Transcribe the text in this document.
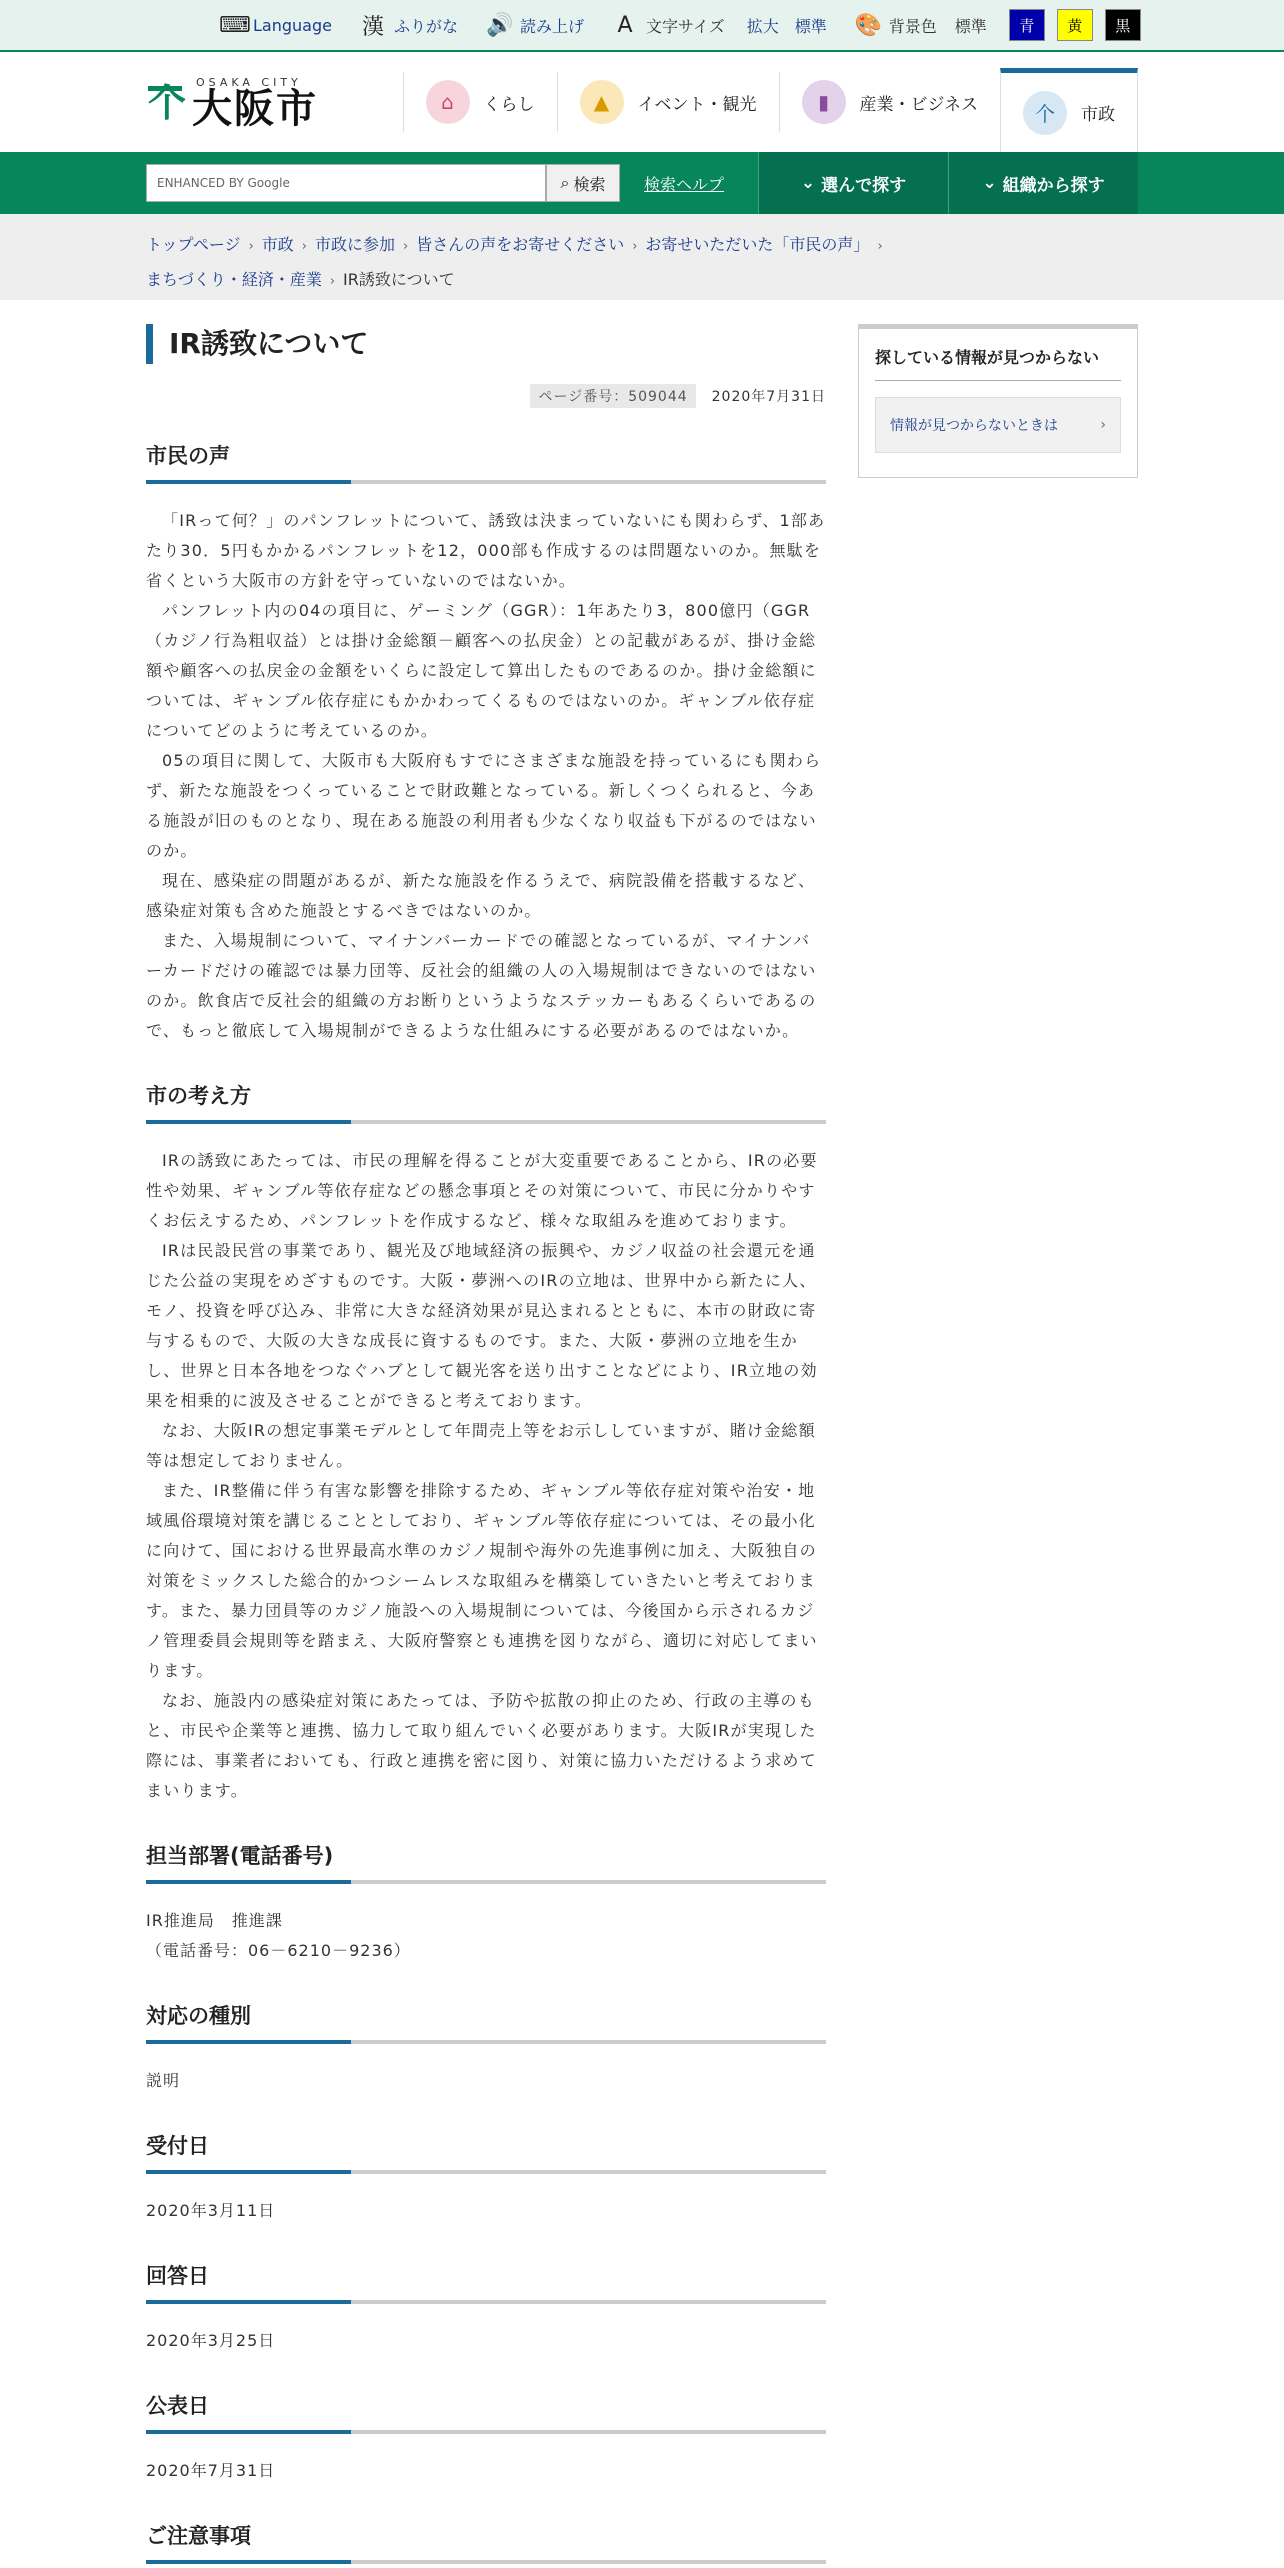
⌨ Language 漢 ふりがな 🔊 読み上げ A 文字サイズ 拡大 標準 🎨 背景色 標準	青	黄	黒
个
OSAKA CITY
大阪市	⌂	くらし	▲	イベント・観光	▮	産業・ビジネス	个	市政
ENHANCED BY Google	⌕ 検索 検索ヘルプ	⌄ 選んで探す	⌄ 組織から探す
トップページ › 市政 › 市政に参加 › 皆さんの声をお寄せください › お寄せいただいた「市民の声」 ›
まちづくり・経済・産業 › IR誘致について
IR誘致について
ページ番号：509044	2020年7月31日
市民の声

「IRって何？」のパンフレットについて、誘致は決まっていないにも関わらず、1部あたり30．5円もかかるパンフレットを12，000部も作成するのは問題ないのか。無駄を省くという大阪市の方針を守っていないのではないか。

パンフレット内の04の項目に、ゲーミング（GGR）：1年あたり3，800億円（GGR（カジノ行為粗収益）とは掛け金総額－顧客への払戻金）との記載があるが、掛け金総額や顧客への払戻金の金額をいくらに設定して算出したものであるのか。掛け金総額については、ギャンブル依存症にもかかわってくるものではないのか。ギャンブル依存症についてどのように考えているのか。

05の項目に関して、大阪市も大阪府もすでにさまざまな施設を持っているにも関わらず、新たな施設をつくっていることで財政難となっている。新しくつくられると、今ある施設が旧のものとなり、現在ある施設の利用者も少なくなり収益も下がるのではないのか。

現在、感染症の問題があるが、新たな施設を作るうえで、病院設備を搭載するなど、感染症対策も含めた施設とするべきではないのか。

また、入場規制について、マイナンバーカードでの確認となっているが、マイナンバーカードだけの確認では暴力団等、反社会的組織の人の入場規制はできないのではないのか。飲食店で反社会的組織の方お断りというようなステッカーもあるくらいであるので、もっと徹底して入場規制ができるような仕組みにする必要があるのではないか。

市の考え方

IRの誘致にあたっては、市民の理解を得ることが大変重要であることから、IRの必要性や効果、ギャンブル等依存症などの懸念事項とその対策について、市民に分かりやすくお伝えするため、パンフレットを作成するなど、様々な取組みを進めております。

IRは民設民営の事業であり、観光及び地域経済の振興や、カジノ収益の社会還元を通じた公益の実現をめざすものです。大阪・夢洲へのIRの立地は、世界中から新たに人、モノ、投資を呼び込み、非常に大きな経済効果が見込まれるとともに、本市の財政に寄与するもので、大阪の大きな成長に資するものです。また、大阪・夢洲の立地を生かし、世界と日本各地をつなぐハブとして観光客を送り出すことなどにより、IR立地の効果を相乗的に波及させることができると考えております。

なお、大阪IRの想定事業モデルとして年間売上等をお示ししていますが、賭け金総額等は想定しておりません。

また、IR整備に伴う有害な影響を排除するため、ギャンブル等依存症対策や治安・地域風俗環境対策を講じることとしており、ギャンブル等依存症については、その最小化に向けて、国における世界最高水準のカジノ規制や海外の先進事例に加え、大阪独自の対策をミックスした総合的かつシームレスな取組みを構築していきたいと考えております。また、暴力団員等のカジノ施設への入場規制については、今後国から示されるカジノ管理委員会規則等を踏まえ、大阪府警察とも連携を図りながら、適切に対応してまいります。

なお、施設内の感染症対策にあたっては、予防や拡散の抑止のため、行政の主導のもと、市民や企業等と連携、協力して取り組んでいく必要があります。大阪IRが実現した際には、事業者においても、行政と連携を密に図り、対策に協力いただけるよう求めてまいります。

担当部署(電話番号)
IR推進局　推進課
（電話番号：06－6210－9236）
対応の種別
説明
受付日
2020年3月11日
回答日
2020年3月25日
公表日
2020年7月31日
ご注意事項
探している情報が見つからない
情報が見つからないときは	›
